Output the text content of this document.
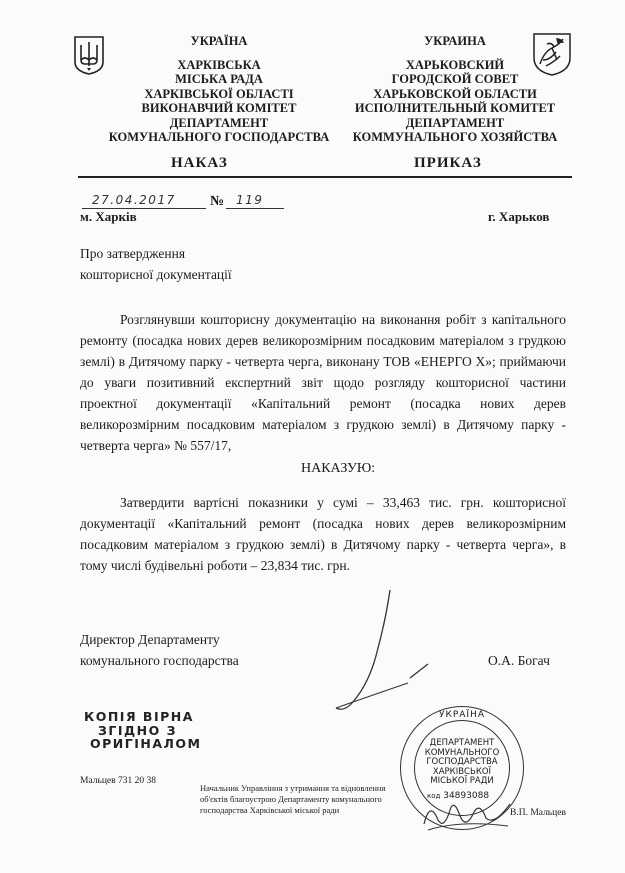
УКРАЇНА
ХАРКІВСЬКА
МІСЬКА РАДА
ХАРКІВСЬКОЇ ОБЛАСТІ
ВИКОНАВЧИЙ КОМІТЕТ
ДЕПАРТАМЕНТ
КОМУНАЛЬНОГО ГОСПОДАРСТВА
УКРАИНА
ХАРЬКОВСКИЙ
ГОРОДСКОЙ СОВЕТ
ХАРЬКОВСКОЙ ОБЛАСТИ
ИСПОЛНИТЕЛЬНЫЙ КОМИТЕТ
ДЕПАРТАМЕНТ
КОММУНАЛЬНОГО ХОЗЯЙСТВА
НАКАЗ	ПРИКАЗ
27.04.2017 № 119
м. Харків	г. Харьков
Про затвердження
кошторисної документації
Розглянувши кошторисну документацію на виконання робіт з капітального ремонту (посадка нових дерев великорозмірним посадковим матеріалом з грудкою землі) в Дитячому парку - четверта черга, виконану ТОВ «ЕНЕРГО Х»; приймаючи до уваги позитивний експертний звіт щодо розгляду кошторисної частини проектної документації «Капітальний ремонт (посадка нових дерев великорозмірним посадковим матеріалом з грудкою землі) в Дитячому парку - четверта черга» № 557/17,
НАКАЗУЮ:
Затвердити вартісні показники у сумі – 33,463 тис. грн. кошторисної документації «Капітальний ремонт (посадка нових дерев великорозмірним посадковим матеріалом з грудкою землі) в Дитячому парку - четверта черга», в тому числі будівельні роботи – 23,834 тис. грн.
Директор Департаменту
комунального господарства	О.А. Богач
КОПІЯ ВІРНА
ЗГІДНО З
ОРИГІНАЛОМ
Мальцев 731 20 38
Начальник Управління з утримання та відновлення
об'єктів благоустрою Департаменту комунального
господарства Харківської міської ради	В.П. Мальцев
УКРАЇНА
ДЕПАРТАМЕНТ
КОМУНАЛЬНОГО
ГОСПОДАРСТВА
ХАРКІВСЬКОЇ
МІСЬКОЇ РАДИ
код 34893088
